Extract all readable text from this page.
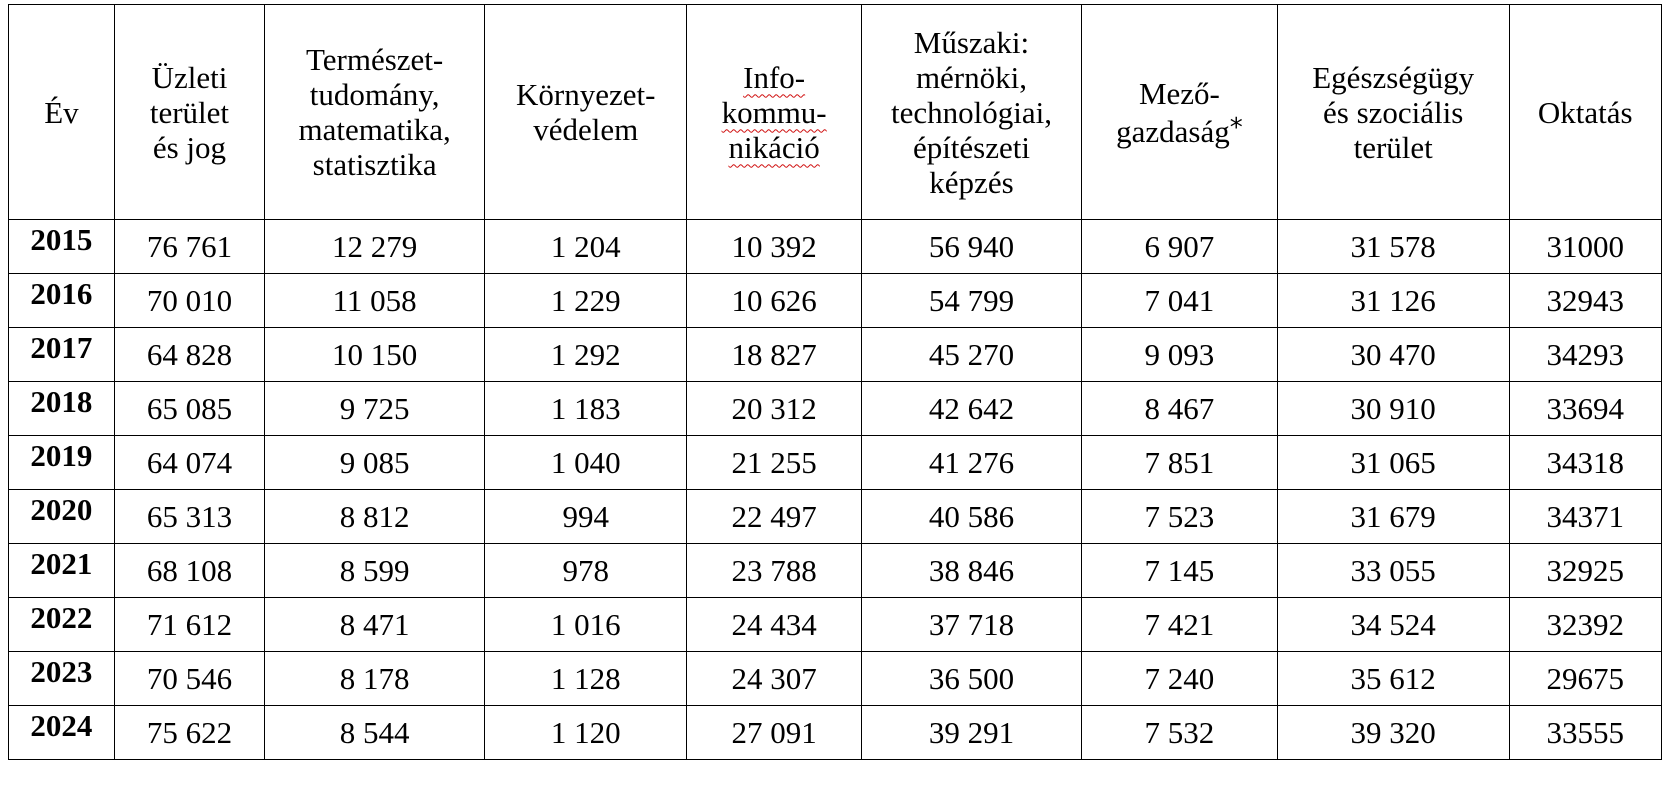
Év	Üzleti
terület
és jog	Természet-
tudomány,
matematika,
statisztika	Környezet-
védelem	Info-
kommu-
nikáció	Műszaki:
mérnöki,
technológiai,
építészeti
képzés	Mező-
gazdaság*	Egészségügy
és szociális
terület	Oktatás

2015	76 761	12 279	1 204	10 392	56 940	6 907	31 578	31000
2016	70 010	11 058	1 229	10 626	54 799	7 041	31 126	32943
2017	64 828	10 150	1 292	18 827	45 270	9 093	30 470	34293
2018	65 085	9 725	1 183	20 312	42 642	8 467	30 910	33694
2019	64 074	9 085	1 040	21 255	41 276	7 851	31 065	34318
2020	65 313	8 812	994	22 497	40 586	7 523	31 679	34371
2021	68 108	8 599	978	23 788	38 846	7 145	33 055	32925
2022	71 612	8 471	1 016	24 434	37 718	7 421	34 524	32392
2023	70 546	8 178	1 128	24 307	36 500	7 240	35 612	29675
2024	75 622	8 544	1 120	27 091	39 291	7 532	39 320	33555
